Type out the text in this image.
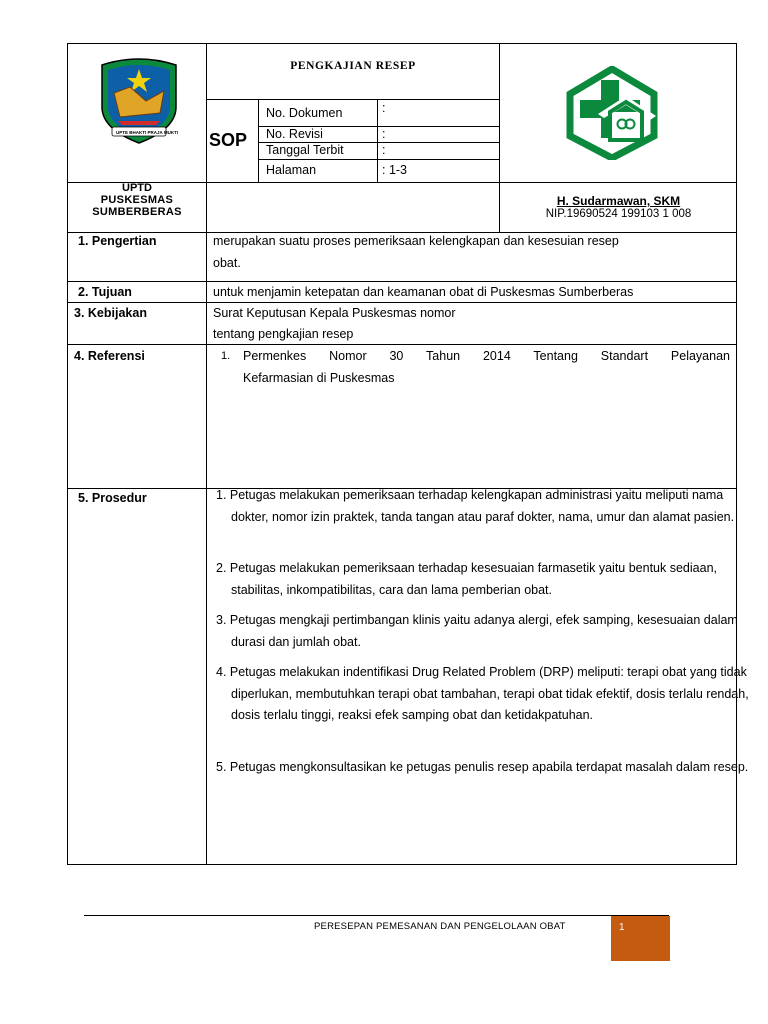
UPTE BHAKTI PRAJA MUKTI
PENGKAJIAN RESEP
SOP
No. Dokumen	:
No. Revisi	:
Tanggal Terbit	:
Halaman	: 1-3
UPTD
PUSKESMAS
SUMBERBERAS
H. Sudarmawan, SKM
NIP.19690524 199103 1 008
1. Pengertian	merupakan suatu proses pemeriksaan kelengkapan dan kesesuian resep
obat.
2. Tujuan	untuk menjamin ketepatan dan keamanan obat di Puskesmas Sumberberas
3. Kebijakan	Surat Keputusan Kepala Puskesmas nomor
tentang pengkajian resep
4. Referensi	1. Permenkes Nomor 30 Tahun 2014 Tentang Standart Pelayanan
Kefarmasian di Puskesmas
5. Prosedur	1. Petugas melakukan pemeriksaan terhadap kelengkapan administrasi yaitu meliputi nama dokter, nomor izin praktek, tanda tangan atau paraf dokter, nama, umur dan alamat pasien.
2. Petugas melakukan pemeriksaan terhadap kesesuaian farmasetik yaitu bentuk sediaan, stabilitas, inkompatibilitas, cara dan lama pemberian obat.
3. Petugas mengkaji pertimbangan klinis yaitu adanya alergi, efek samping, kesesuaian dalam durasi dan jumlah obat.
4. Petugas melakukan indentifikasi Drug Related Problem (DRP) meliputi: terapi obat yang tidak diperlukan, membutuhkan terapi obat tambahan, terapi obat tidak efektif, dosis terlalu rendah, dosis terlalu tinggi, reaksi efek samping obat dan ketidakpatuhan.
5. Petugas mengkonsultasikan ke petugas penulis resep apabila terdapat masalah dalam resep.
PERESEPAN PEMESANAN DAN PENGELOLAAN OBAT	1
